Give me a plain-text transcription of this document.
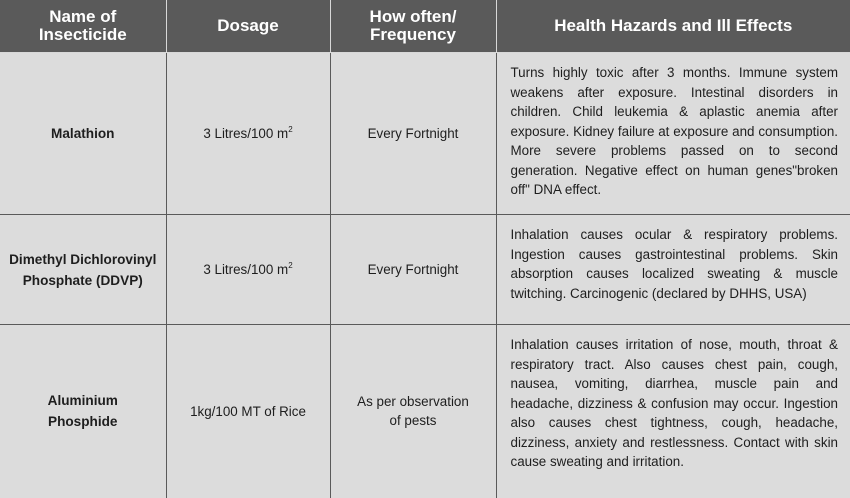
Name of Insecticide	Dosage	How often/ Frequency	Health Hazards and Ill Effects
Malathion	3 Litres/100 $m^2$	Every Fortnight	Turns highly toxic after 3 months. Immune system weakens after exposure. Intestinal disorders in children. Child leukemia & aplastic anemia after exposure. Kidney failure at exposure and consumption. More severe problems passed on to second generation. Negative effect on human genes"broken off" DNA effect.
Dimethyl Dichlorovinyl Phosphate (DDVP)	3 Litres/100 $m^2$	Every Fortnight	Inhalation causes ocular & respiratory problems. Ingestion causes gastrointestinal problems. Skin absorption causes localized sweating & muscle twitching. Carcinogenic (declared by DHHS, USA)
Aluminium Phosphide	1kg/100 MT of Rice	As per observation of pests	Inhalation causes irritation of nose, mouth, throat & respiratory tract. Also causes chest pain, cough, nausea, vomiting, diarrhea, muscle pain and headache, dizziness & confusion may occur. Ingestion also causes chest tightness, cough, headache, dizziness, anxiety and restlessness. Contact with skin cause sweating and irritation.
